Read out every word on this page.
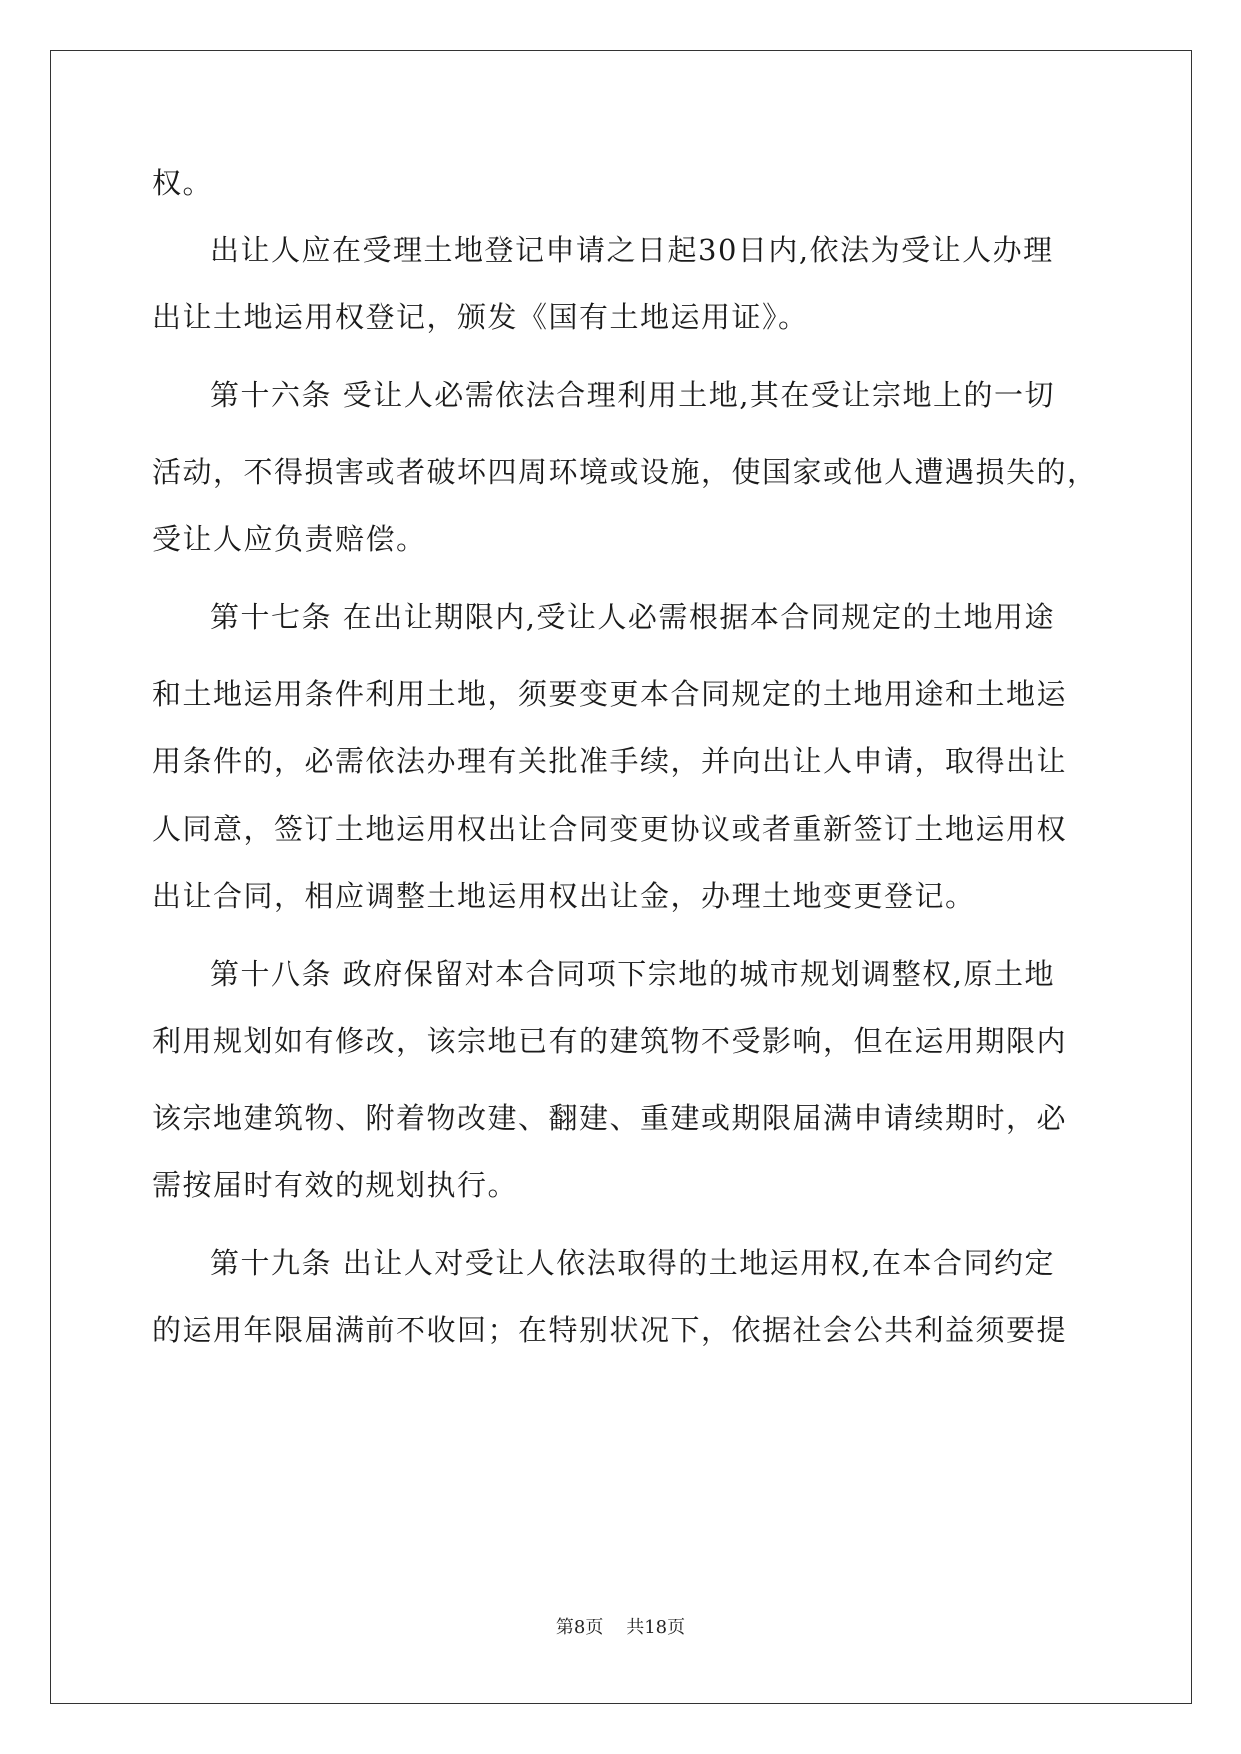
权。
出让人应在受理土地登记申请之日起30日内,依法为受让人办理
出让土地运用权登记，颁发《国有土地运用证》。
第十六条 受让人必需依法合理利用土地,其在受让宗地上的一切
活动，不得损害或者破坏四周环境或设施，使国家或他人遭遇损失的，
受让人应负责赔偿。
第十七条 在出让期限内,受让人必需根据本合同规定的土地用途
和土地运用条件利用土地，须要变更本合同规定的土地用途和土地运
用条件的，必需依法办理有关批准手续，并向出让人申请，取得出让
人同意，签订土地运用权出让合同变更协议或者重新签订土地运用权
出让合同，相应调整土地运用权出让金，办理土地变更登记。
第十八条 政府保留对本合同项下宗地的城市规划调整权,原土地
利用规划如有修改，该宗地已有的建筑物不受影响，但在运用期限内
该宗地建筑物、附着物改建、翻建、重建或期限届满申请续期时，必
需按届时有效的规划执行。
第十九条 出让人对受让人依法取得的土地运用权,在本合同约定
的运用年限届满前不收回；在特别状况下，依据社会公共利益须要提
第8页 共18页
